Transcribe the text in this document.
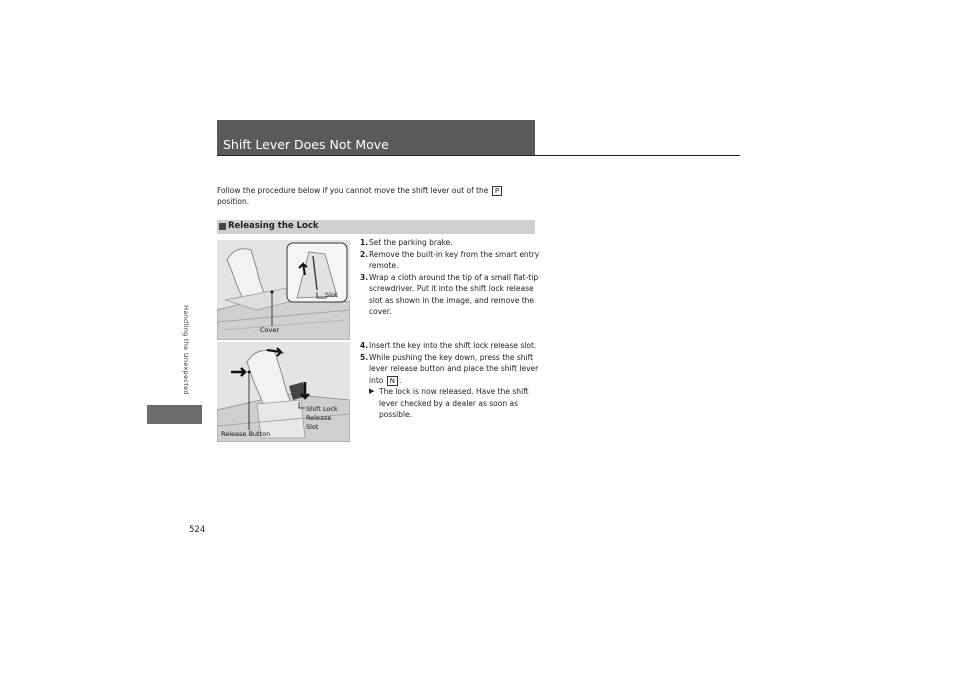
Shift Lever Does Not Move
Handling the Unexpected
Follow the procedure below if you cannot move the shift lever out of the P
position.
Releasing the Lock
Slot
Cover
1. Set the parking brake.
2. Remove the built-in key from the smart entry remote.
3. Wrap a cloth around the tip of a small flat-tip screwdriver. Put it into the shift lock release slot as shown in the image, and remove the cover.
Shift Lock
Release
Slot
Release Button
4. Insert the key into the shift lock release slot.
5. While pushing the key down, press the shift lever release button and place the shift lever into N .
▶ The lock is now released. Have the shift lever checked by a dealer as soon as possible.
524
